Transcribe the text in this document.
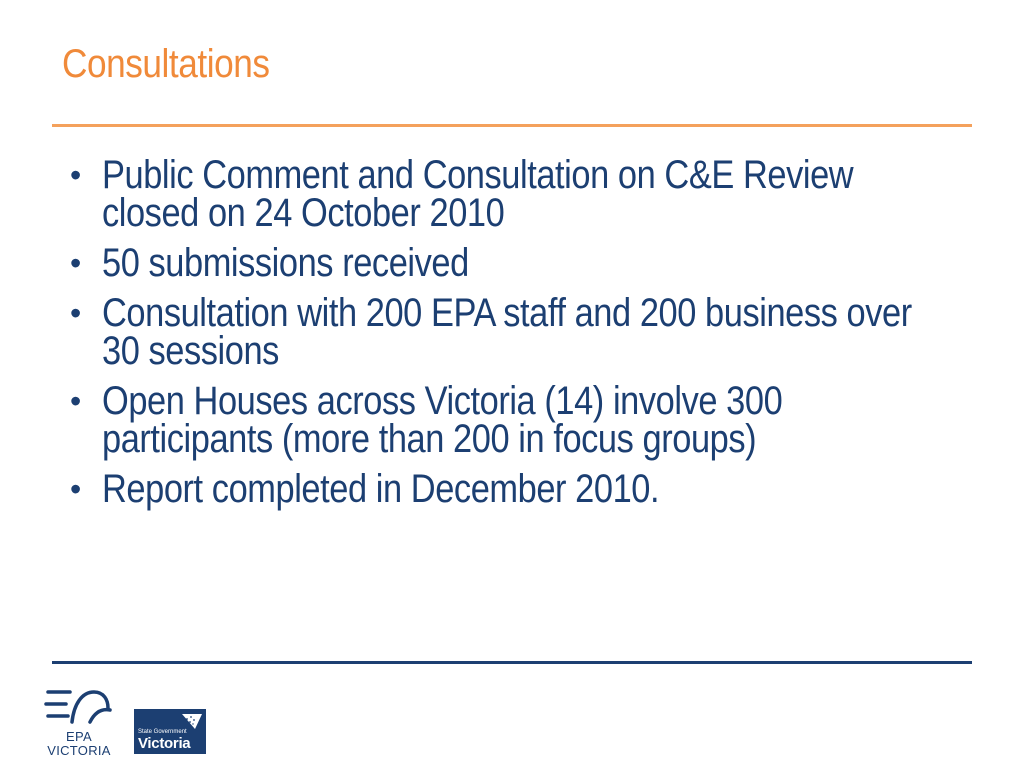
Consultations
• Public Comment and Consultation on C&E Review closed on 24 October 2010
• 50 submissions received
• Consultation with 200 EPA staff and 200 business over 30 sessions
• Open Houses across Victoria (14) involve 300 participants (more than 200 in focus groups)
• Report completed in December 2010.
EPA
VICTORIA
State Government
Victoria
